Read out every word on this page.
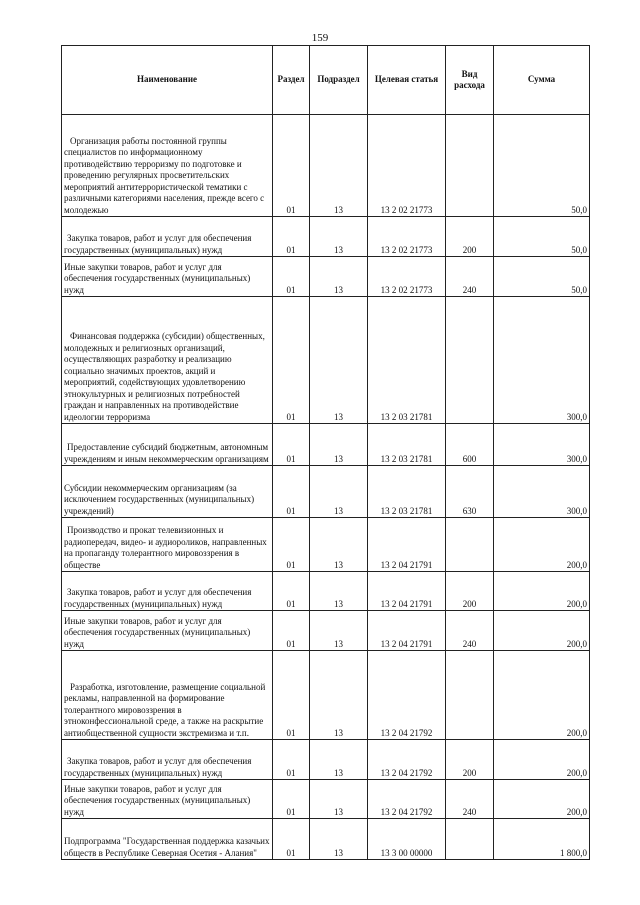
159
Наименование	Раздел	Подраздел	Целевая статья	Вид расхода	Сумма
Организация работы постоянной группы специалистов по информационному противодействию терроризму по подготовке и проведению регулярных просветительских мероприятий антитеррористической тематики с различными категориями населения, прежде всего с молодежью	01	13	13 2 02 21773		50,0
Закупка товаров, работ и услуг для обеспечения государственных (муниципальных) нужд	01	13	13 2 02 21773	200	50,0
Иные закупки товаров, работ и услуг для обеспечения государственных (муниципальных) нужд	01	13	13 2 02 21773	240	50,0
Финансовая поддержка (субсидии) общественных, молодежных и религиозных организаций, осуществляющих разработку и реализацию социально значимых проектов, акций и мероприятий, содействующих удовлетворению этнокультурных и религиозных потребностей граждан и направленных на противодействие идеологии терроризма	01	13	13 2 03 21781		300,0
Предоставление субсидий бюджетным, автономным учреждениям и иным некоммерческим организациям	01	13	13 2 03 21781	600	300,0
Субсидии некоммерческим организациям (за исключением государственных (муниципальных) учреждений)	01	13	13 2 03 21781	630	300,0
Производство и прокат телевизионных и радиопередач, видео- и аудиороликов, направленных на пропаганду толерантного мировоззрения в обществе	01	13	13 2 04 21791		200,0
Закупка товаров, работ и услуг для обеспечения государственных (муниципальных) нужд	01	13	13 2 04 21791	200	200,0
Иные закупки товаров, работ и услуг для обеспечения государственных (муниципальных) нужд	01	13	13 2 04 21791	240	200,0
Разработка, изготовление, размещение социальной рекламы, направленной на формирование толерантного мировоззрения в этноконфессиональной среде, а также на раскрытие антиобщественной сущности экстремизма и т.п.	01	13	13 2 04 21792		200,0
Закупка товаров, работ и услуг для обеспечения государственных (муниципальных) нужд	01	13	13 2 04 21792	200	200,0
Иные закупки товаров, работ и услуг для обеспечения государственных (муниципальных) нужд	01	13	13 2 04 21792	240	200,0
Подпрограмма "Государственная поддержка казачьих обществ в Республике Северная Осетия - Алания"	01	13	13 3 00 00000		1 800,0
